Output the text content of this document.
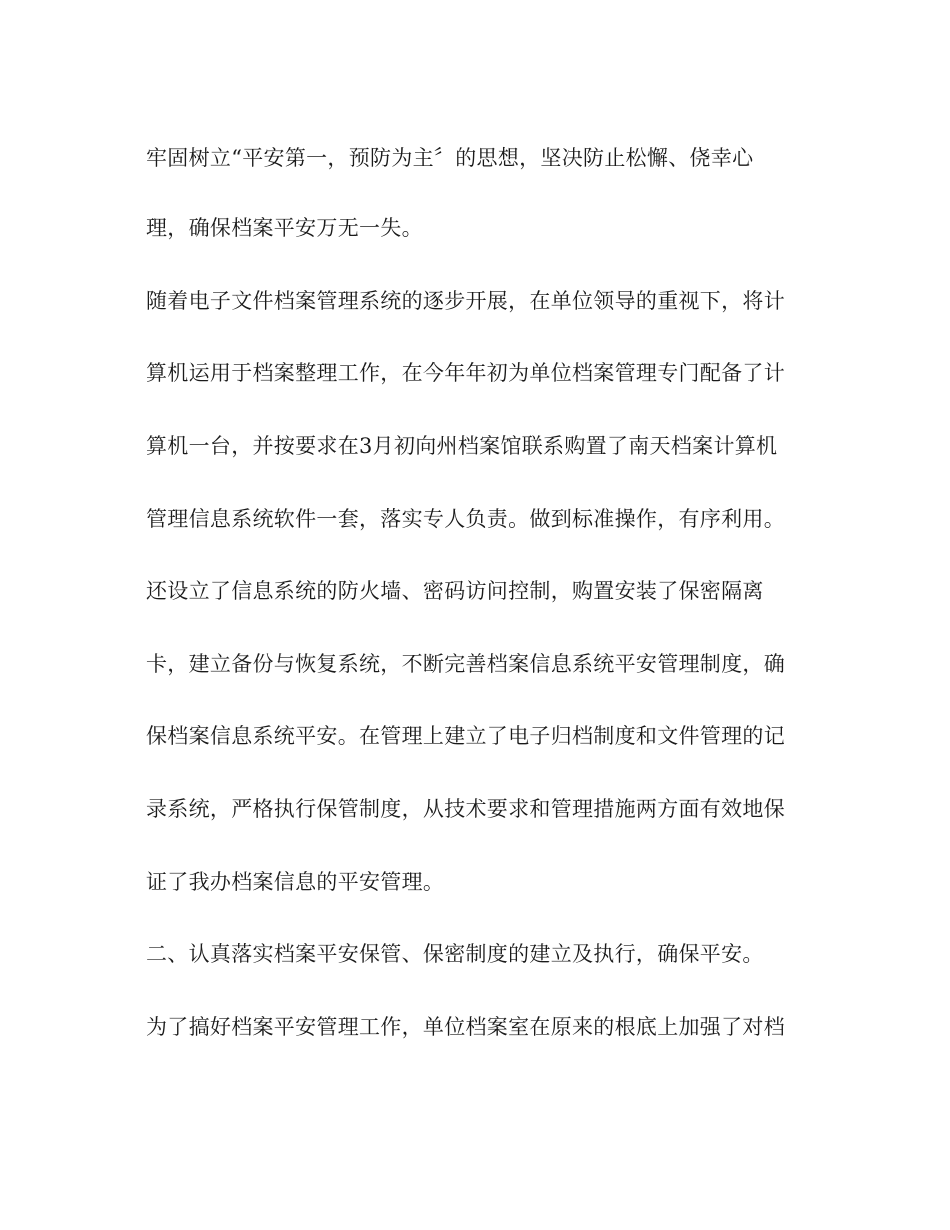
牢固树立“平安第一，预防为主〞的思想，坚决防止松懈、侥幸心
理，确保档案平安万无一失。
随着电子文件档案管理系统的逐步开展，在单位领导的重视下，将计
算机运用于档案整理工作，在今年年初为单位档案管理专门配备了计
算机一台，并按要求在3月初向州档案馆联系购置了南天档案计算机
管理信息系统软件一套，落实专人负责。做到标准操作，有序利用。
还设立了信息系统的防火墙、密码访问控制，购置安装了保密隔离
卡，建立备份与恢复系统，不断完善档案信息系统平安管理制度，确
保档案信息系统平安。在管理上建立了电子归档制度和文件管理的记
录系统，严格执行保管制度，从技术要求和管理措施两方面有效地保
证了我办档案信息的平安管理。
二、认真落实档案平安保管、保密制度的建立及执行，确保平安。
为了搞好档案平安管理工作，单位档案室在原来的根底上加强了对档
